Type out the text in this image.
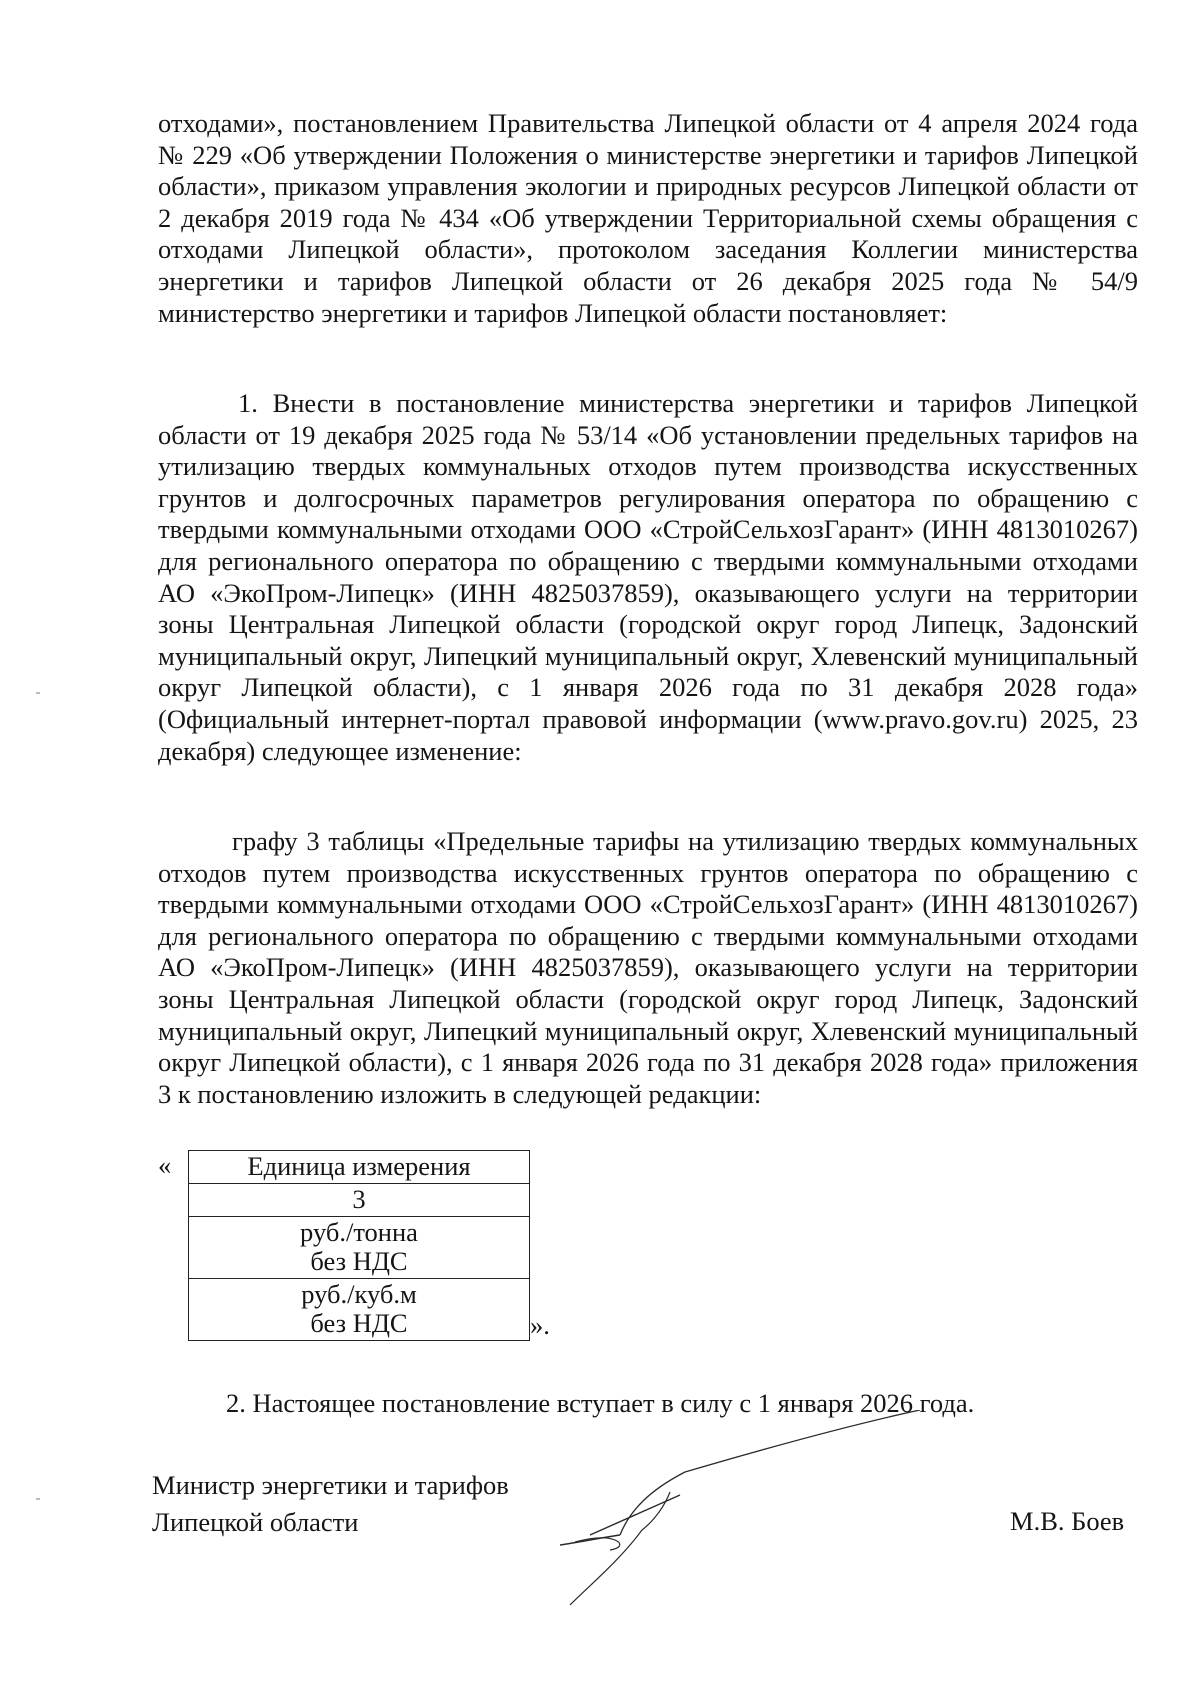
отходами», постановлением Правительства Липецкой области от 4 апреля 2024 года № 229 «Об утверждении Положения о министерстве энергетики и тарифов Липецкой области», приказом управления экологии и природных ресурсов Липецкой области от 2 декабря 2019 года № 434 «Об утверждении Территориальной схемы обращения с отходами Липецкой области», протоколом заседания Коллегии министерства энергетики и тарифов Липецкой области от 26 декабря 2025 года № 54/9 министерство энергетики и тарифов Липецкой области постановляет:

1. Внести в постановление министерства энергетики и тарифов Липецкой области от 19 декабря 2025 года № 53/14 «Об установлении предельных тарифов на утилизацию твердых коммунальных отходов путем производства искусственных грунтов и долгосрочных параметров регулирования оператора по обращению с твердыми коммунальными отходами ООО «СтройСельхозГарант» (ИНН 4813010267) для регионального оператора по обращению с твердыми коммунальными отходами АО «ЭкоПром-Липецк» (ИНН 4825037859), оказывающего услуги на территории зоны Центральная Липецкой области (городской округ город Липецк, Задонский муниципальный округ, Липецкий муниципальный округ, Хлевенский муниципальный округ Липецкой области), с 1 января 2026 года по 31 декабря 2028 года» (Официальный интернет-портал правовой информации (www.pravo.gov.ru) 2025, 23 декабря) следующее изменение:

графу 3 таблицы «Предельные тарифы на утилизацию твердых коммунальных отходов путем производства искусственных грунтов оператора по обращению с твердыми коммунальными отходами ООО «СтройСельхозГарант» (ИНН 4813010267) для регионального оператора по обращению с твердыми коммунальными отходами АО «ЭкоПром-Липецк» (ИНН 4825037859), оказывающего услуги на территории зоны Центральная Липецкой области (городской округ город Липецк, Задонский муниципальный округ, Липецкий муниципальный округ, Хлевенский муниципальный округ Липецкой области), с 1 января 2026 года по 31 декабря 2028 года» приложения 3 к постановлению изложить в следующей редакции:

«	Единица измерения
3

руб./тонна
без НДС

руб./куб.м
без НДС	».

2. Настоящее постановление вступает в силу с 1 января 2026 года.

Министр энергетики и тарифов
Липецкой области	М.В. Боев
